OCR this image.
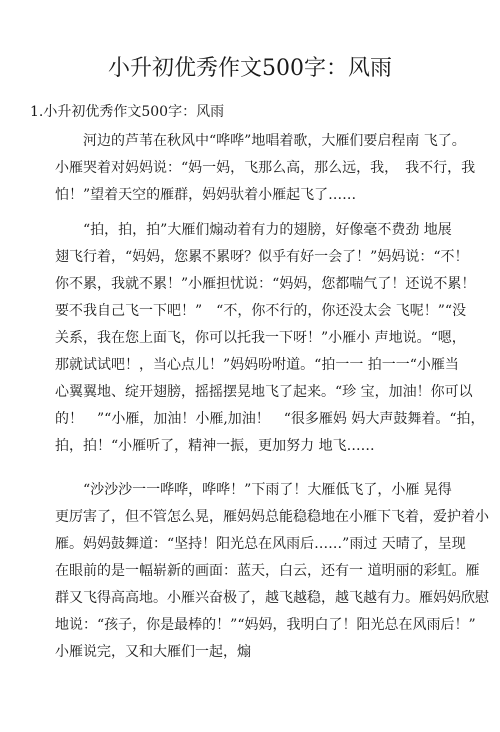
小升初优秀作文500字：风雨

1.小升初优秀作文500字：风雨

　　河边的芦苇在秋风中“哗哗”地唱着歌，大雁们要启程南 飞了。
小雁哭着对妈妈说：“妈一妈，飞那么高，那么远，我，　我不行，我
怕！”望着天空的雁群，妈妈驮着小雁起飞了……

　　“拍，拍，拍”大雁们煽动着有力的翅膀，好像毫不费劲 地展
翅飞行着，“妈妈，您累不累呀？似乎有好一会了！”妈妈说：“不！
你不累，我就不累！”小雁担忧说：“妈妈，您都喘气了！还说不累！
要不我自己飞一下吧！”　“不，你不行的，你还没太会 飞呢！”“没
关系，我在您上面飞，你可以托我一下呀！”小雁小 声地说。“嗯，
那就试试吧！，当心点儿！”妈妈吩咐道。“拍一一 拍一一“小雁当
心翼翼地、绽开翅膀，摇摇摆晃地飞了起来。“珍 宝，加油！你可以
的！　”“小雁，加油！小雁,加油！　“很多雁妈 妈大声鼓舞着。“拍，
拍，拍！“小雁听了，精神一振，更加努力 地飞……

　　“沙沙沙一一哗哗，哗哗！”下雨了！大雁低飞了，小雁 晃得
更厉害了，但不管怎么晃，雁妈妈总能稳稳地在小雁下飞着，爱护着小
雁。妈妈鼓舞道：“坚持！阳光总在风雨后……”雨过 天晴了，呈现
在眼前的是一幅崭新的画面：蓝天，白云，还有一 道明丽的彩虹。雁
群又飞得高高地。小雁兴奋极了，越飞越稳，越飞越有力。雁妈妈欣慰
地说：“孩子，你是最棒的！”“妈妈，我明白了！阳光总在风雨后！”
小雁说完，又和大雁们一起，煽
